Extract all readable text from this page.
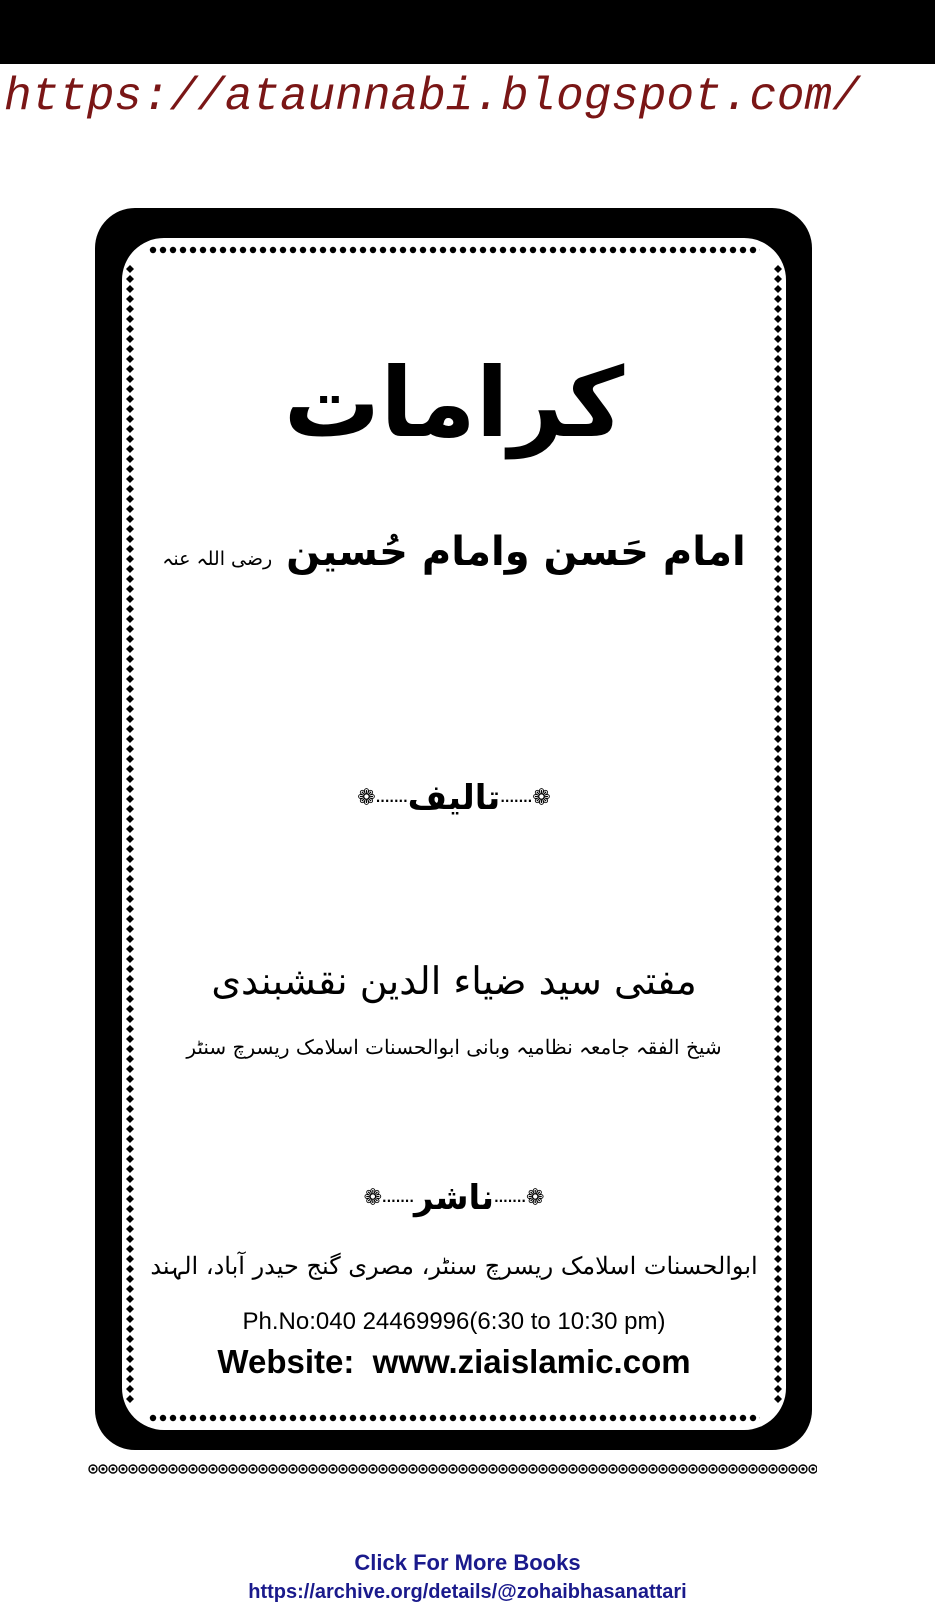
https://ataunnabi.blogspot.com/
کرامات
امام حَسن وامام حُسین رضی اللہ عنہ
❁.......تالیف.......❁
مفتی سید ضیاء الدین نقشبندی
شیخ الفقہ جامعہ نظامیہ وبانی ابوالحسنات اسلامک ریسرچ سنٹر
❁.......ناشر.......❁
ابوالحسنات اسلامک ریسرچ سنٹر، مصری گنج حیدر آباد، الہند
Ph.No:040 24469996(6:30 to 10:30 pm)
Website:  www.ziaislamic.com
Click For More Books
https://archive.org/details/@zohaibhasanattari
